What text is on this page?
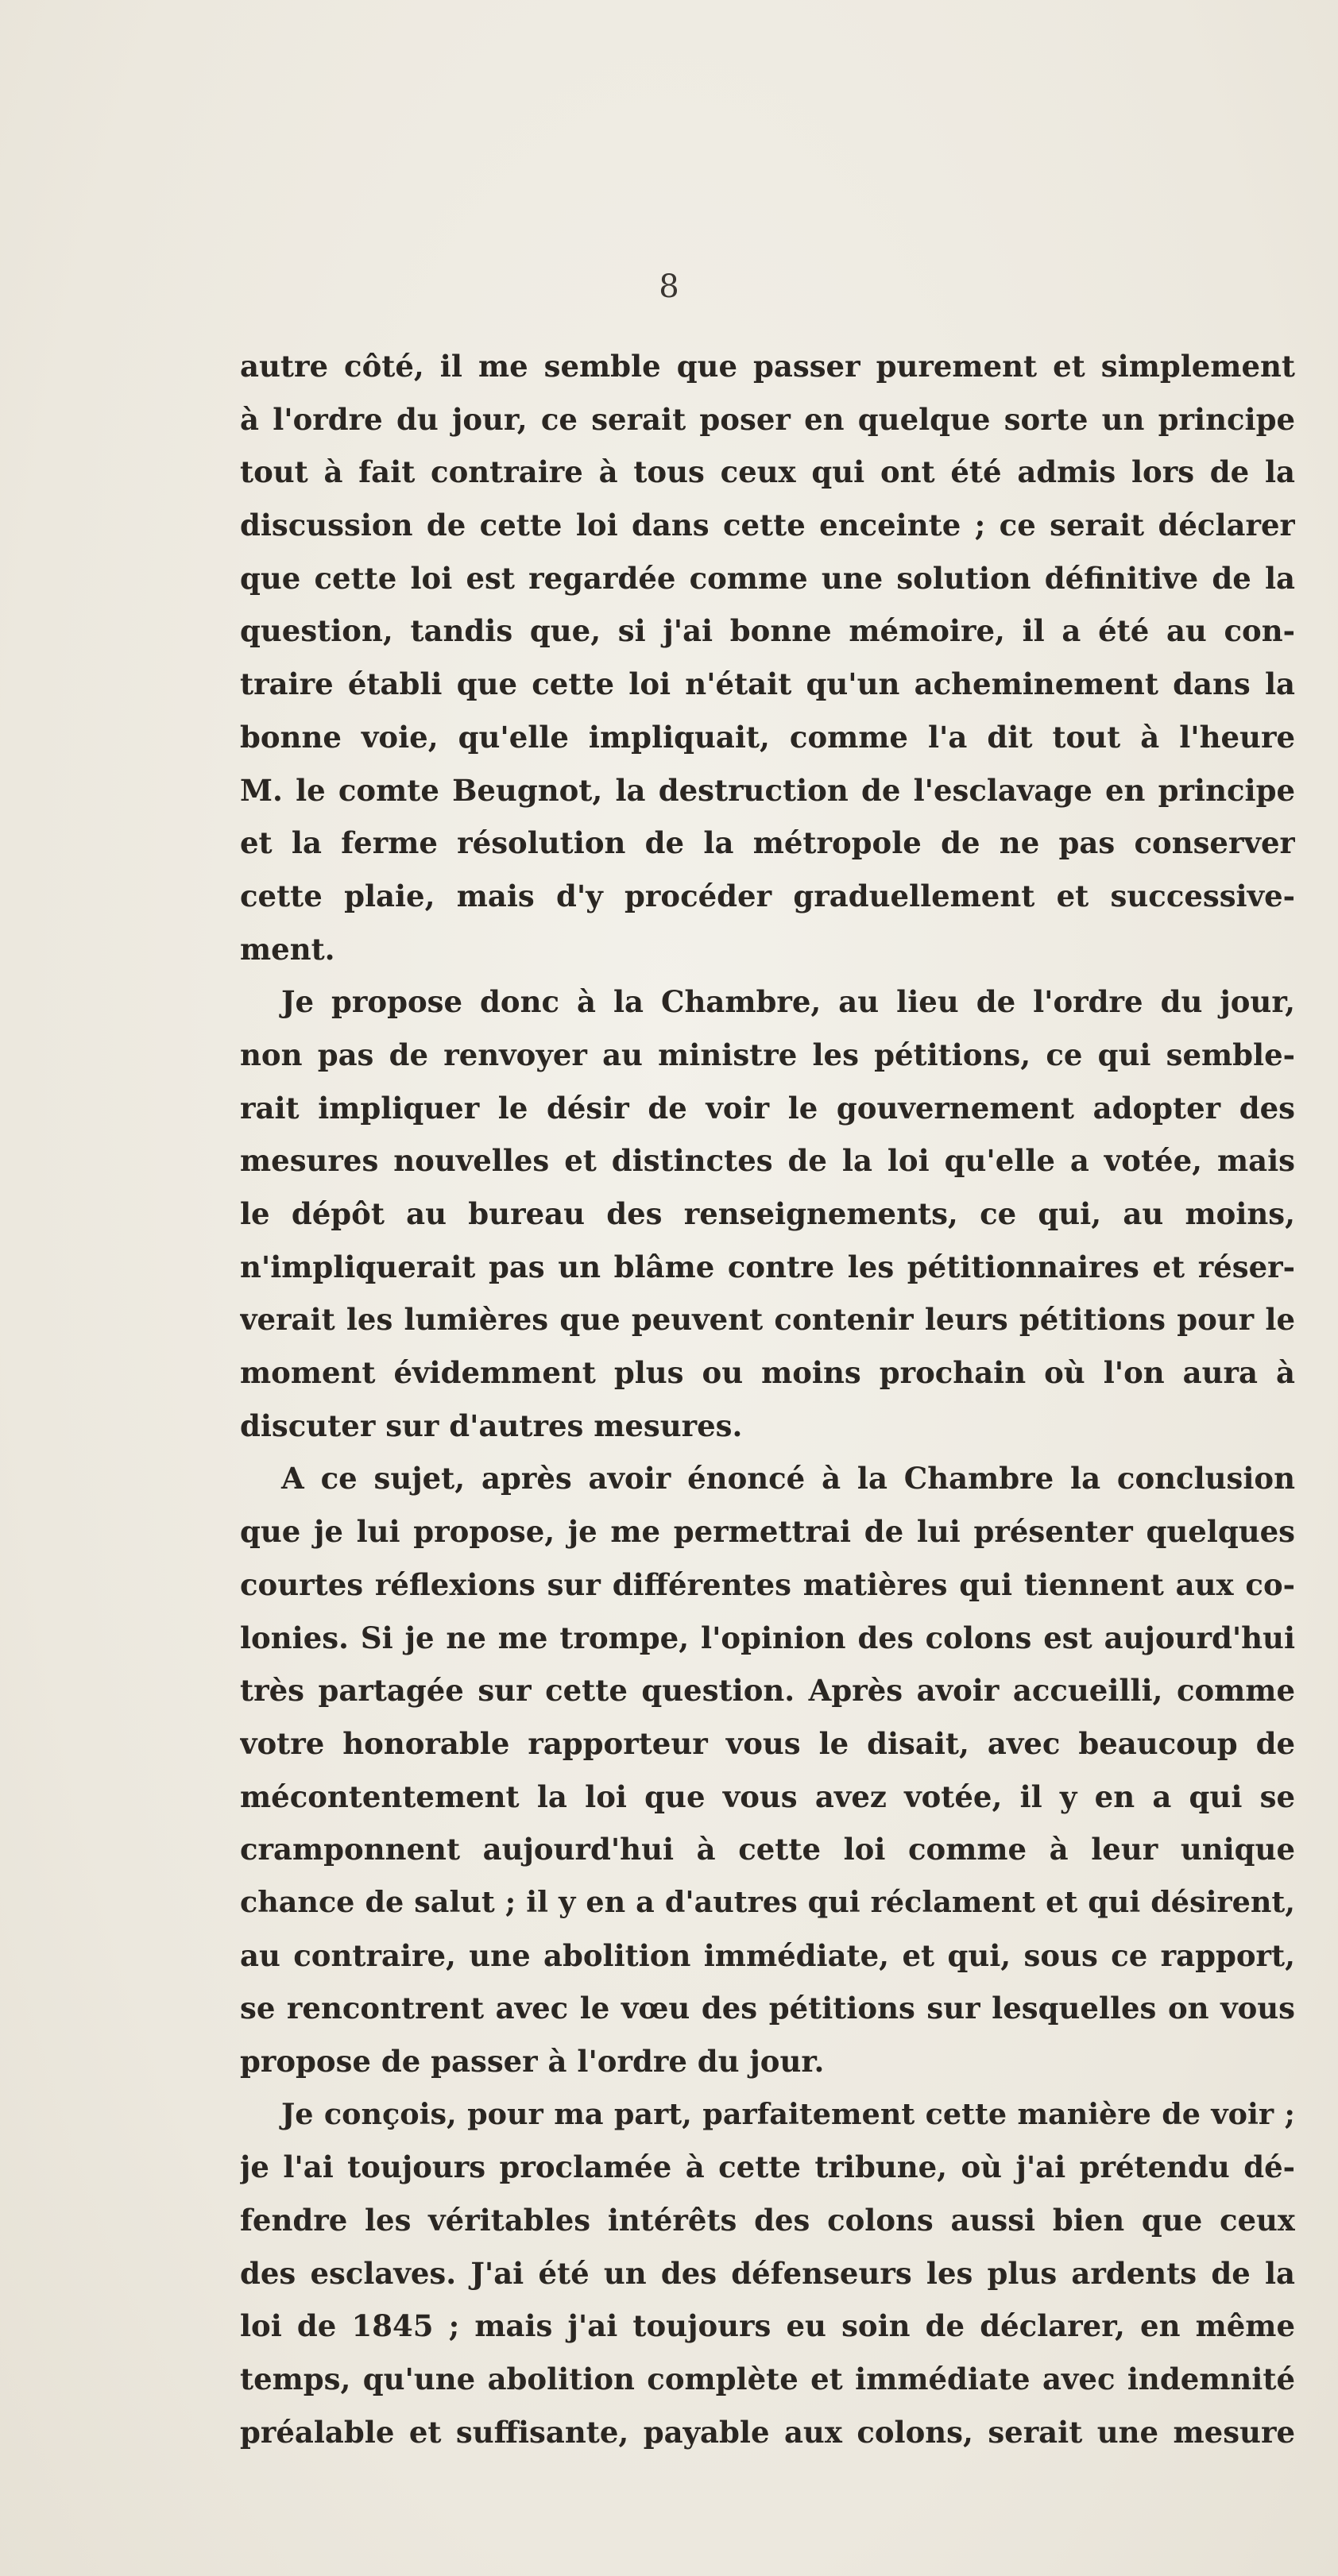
8
autre côté, il me semble que passer purement et simplement
à l'ordre du jour, ce serait poser en quelque sorte un principe
tout à fait contraire à tous ceux qui ont été admis lors de la
discussion de cette loi dans cette enceinte ; ce serait déclarer
que cette loi est regardée comme une solution définitive de la
question, tandis que, si j'ai bonne mémoire, il a été au con-
traire établi que cette loi n'était qu'un acheminement dans la
bonne voie, qu'elle impliquait, comme l'a dit tout à l'heure
M. le comte Beugnot, la destruction de l'esclavage en principe
et la ferme résolution de la métropole de ne pas conserver
cette plaie, mais d'y procéder graduellement et successive-
ment.
Je propose donc à la Chambre, au lieu de l'ordre du jour,
non pas de renvoyer au ministre les pétitions, ce qui semble-
rait impliquer le désir de voir le gouvernement adopter des
mesures nouvelles et distinctes de la loi qu'elle a votée, mais
le dépôt au bureau des renseignements, ce qui, au moins,
n'impliquerait pas un blâme contre les pétitionnaires et réser-
verait les lumières que peuvent contenir leurs pétitions pour le
moment évidemment plus ou moins prochain où l'on aura à
discuter sur d'autres mesures.
A ce sujet, après avoir énoncé à la Chambre la conclusion
que je lui propose, je me permettrai de lui présenter quelques
courtes réflexions sur différentes matières qui tiennent aux co-
lonies. Si je ne me trompe, l'opinion des colons est aujourd'hui
très partagée sur cette question. Après avoir accueilli, comme
votre honorable rapporteur vous le disait, avec beaucoup de
mécontentement la loi que vous avez votée, il y en a qui se
cramponnent aujourd'hui à cette loi comme à leur unique
chance de salut ; il y en a d'autres qui réclament et qui désirent,
au contraire, une abolition immédiate, et qui, sous ce rapport,
se rencontrent avec le vœu des pétitions sur lesquelles on vous
propose de passer à l'ordre du jour.
Je conçois, pour ma part, parfaitement cette manière de voir ;
je l'ai toujours proclamée à cette tribune, où j'ai prétendu dé-
fendre les véritables intérêts des colons aussi bien que ceux
des esclaves. J'ai été un des défenseurs les plus ardents de la
loi de 1845 ; mais j'ai toujours eu soin de déclarer, en même
temps, qu'une abolition complète et immédiate avec indemnité
préalable et suffisante, payable aux colons, serait une mesure
